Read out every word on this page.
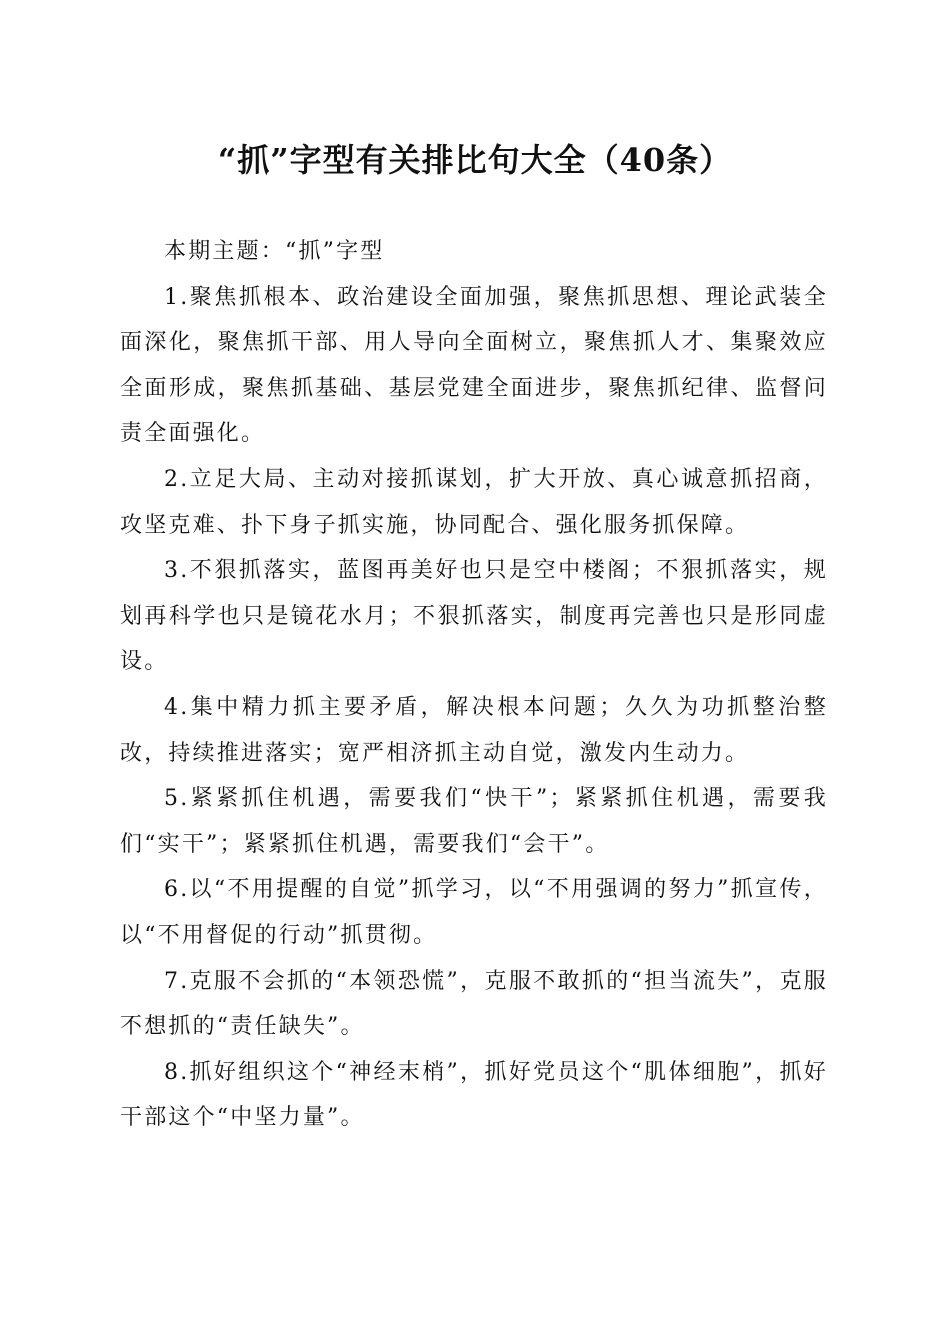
“抓”字型有关排比句大全（40条）

本期主题：“抓”字型

1.聚焦抓根本、政治建设全面加强，聚焦抓思想、理论武装全面深化，聚焦抓干部、用人导向全面树立，聚焦抓人才、集聚效应全面形成，聚焦抓基础、基层党建全面进步，聚焦抓纪律、监督问责全面强化。

2.立足大局、主动对接抓谋划，扩大开放、真心诚意抓招商，攻坚克难、扑下身子抓实施，协同配合、强化服务抓保障。

3.不狠抓落实，蓝图再美好也只是空中楼阁；不狠抓落实，规划再科学也只是镜花水月；不狠抓落实，制度再完善也只是形同虚设。

4.集中精力抓主要矛盾，解决根本问题；久久为功抓整治整改，持续推进落实；宽严相济抓主动自觉，激发内生动力。

5.紧紧抓住机遇，需要我们“快干”；紧紧抓住机遇，需要我们“实干”；紧紧抓住机遇，需要我们“会干”。

6.以“不用提醒的自觉”抓学习，以“不用强调的努力”抓宣传，以“不用督促的行动”抓贯彻。

7.克服不会抓的“本领恐慌”，克服不敢抓的“担当流失”，克服不想抓的“责任缺失”。

8.抓好组织这个“神经末梢”，抓好党员这个“肌体细胞”，抓好干部这个“中坚力量”。
